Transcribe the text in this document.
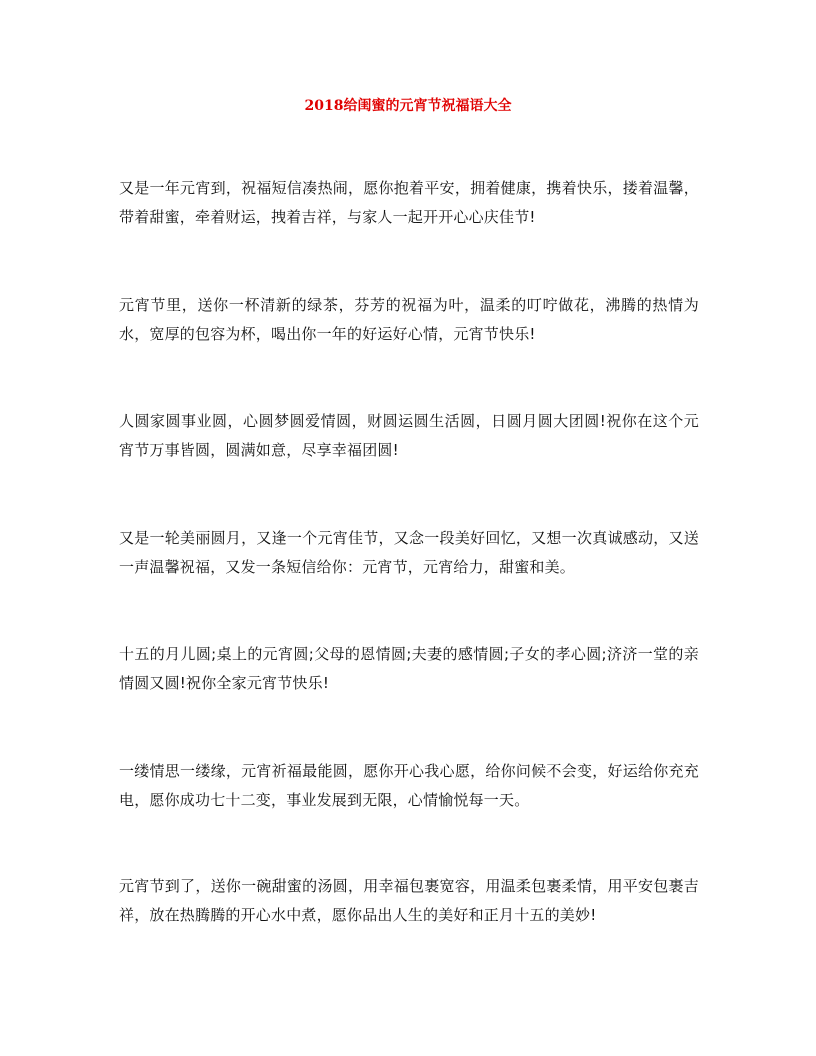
2018给闺蜜的元宵节祝福语大全
又是一年元宵到，祝福短信凑热闹，愿你抱着平安，拥着健康，携着快乐，搂着温馨，带着甜蜜，牵着财运，拽着吉祥，与家人一起开开心心庆佳节!
元宵节里，送你一杯清新的绿茶，芬芳的祝福为叶，温柔的叮咛做花，沸腾的热情为水，宽厚的包容为杯，喝出你一年的好运好心情，元宵节快乐!
人圆家圆事业圆，心圆梦圆爱情圆，财圆运圆生活圆，日圆月圆大团圆!祝你在这个元宵节万事皆圆，圆满如意，尽享幸福团圆!
又是一轮美丽圆月，又逢一个元宵佳节，又念一段美好回忆，又想一次真诚感动，又送一声温馨祝福，又发一条短信给你：元宵节，元宵给力，甜蜜和美。
十五的月儿圆;桌上的元宵圆;父母的恩情圆;夫妻的感情圆;子女的孝心圆;济济一堂的亲情圆又圆!祝你全家元宵节快乐!
一缕情思一缕缘，元宵祈福最能圆，愿你开心我心愿，给你问候不会变，好运给你充充电，愿你成功七十二变，事业发展到无限，心情愉悦每一天。
元宵节到了，送你一碗甜蜜的汤圆，用幸福包裹宽容，用温柔包裹柔情，用平安包裹吉祥，放在热腾腾的开心水中煮，愿你品出人生的美好和正月十五的美妙!
